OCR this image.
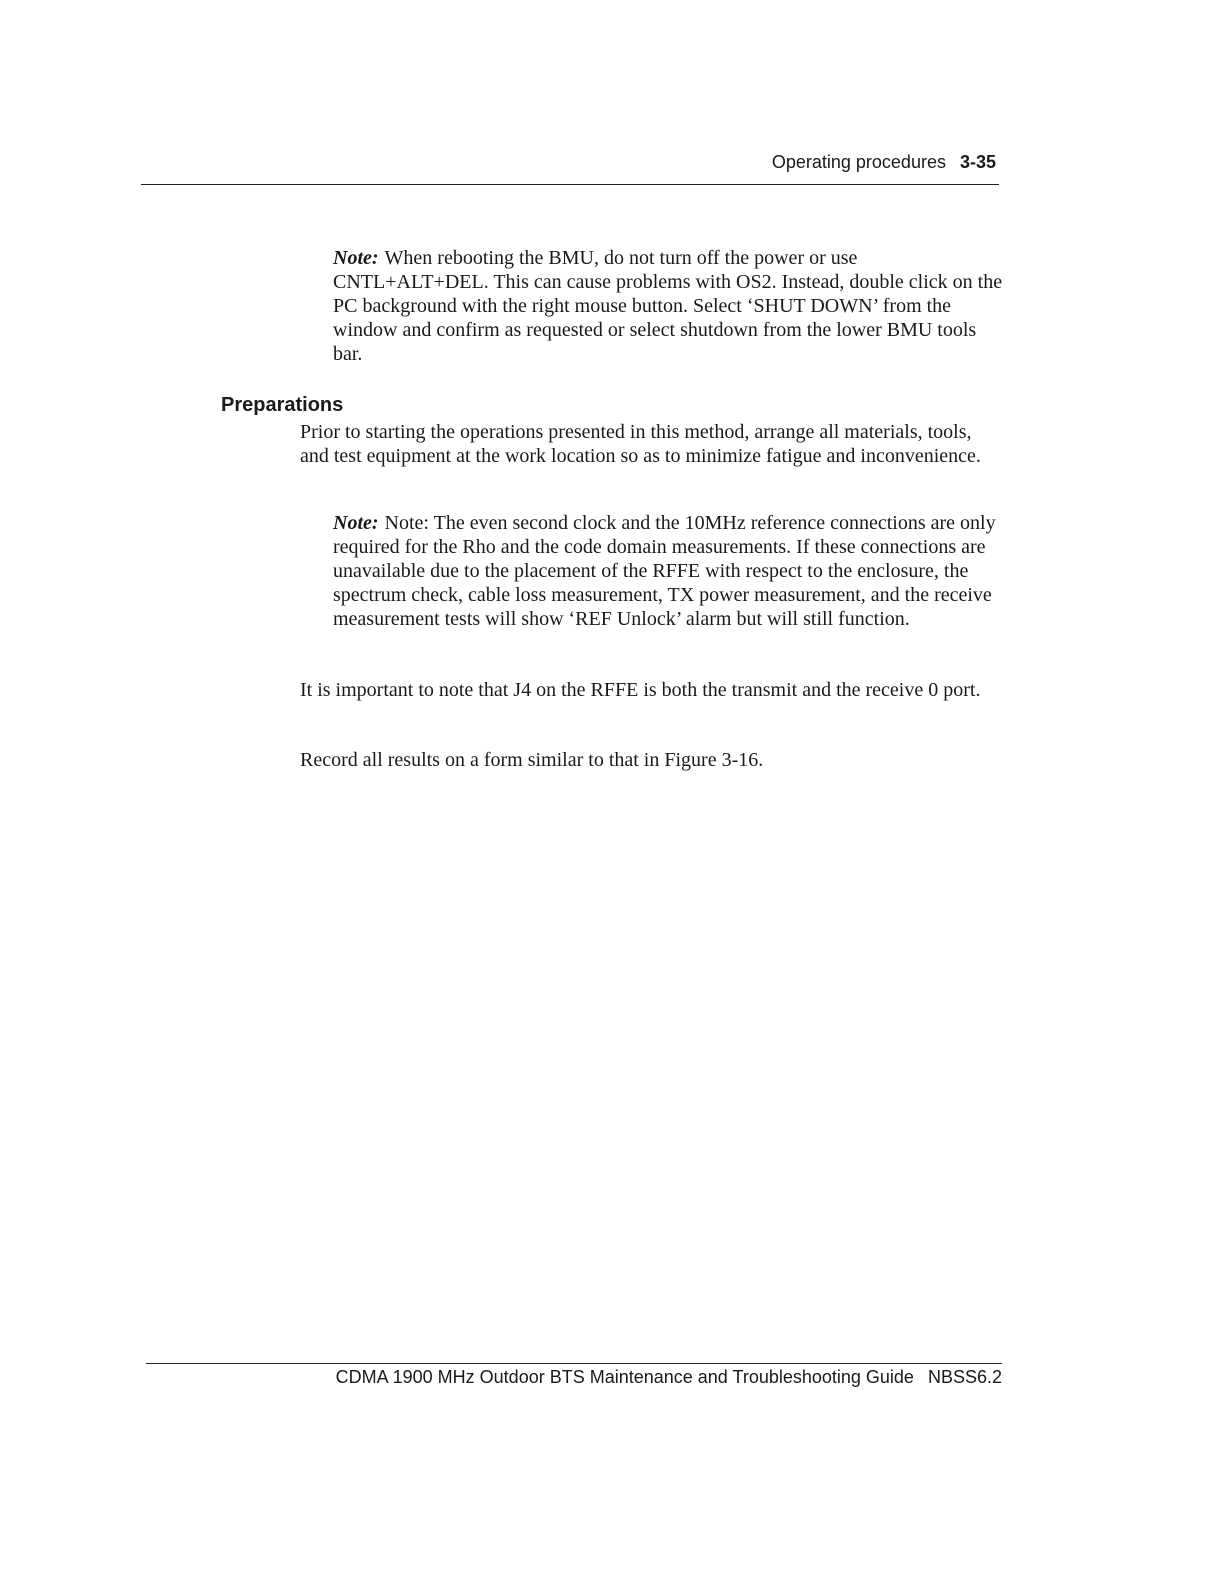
Operating procedures 3-35
Note: When rebooting the BMU, do not turn off the power or use CNTL+ALT+DEL. This can cause problems with OS2. Instead, double click on the PC background with the right mouse button. Select ‘SHUT DOWN’ from the window and confirm as requested or select shutdown from the lower BMU tools bar.
Preparations
Prior to starting the operations presented in this method, arrange all materials, tools, and test equipment at the work location so as to minimize fatigue and inconvenience.
Note: Note: The even second clock and the 10MHz reference connections are only required for the Rho and the code domain measurements. If these connections are unavailable due to the placement of the RFFE with respect to the enclosure, the spectrum check, cable loss measurement, TX power measurement, and the receive measurement tests will show ‘REF Unlock’ alarm but will still function.
It is important to note that J4 on the RFFE is both the transmit and the receive 0 port.
Record all results on a form similar to that in Figure 3-16.
CDMA 1900 MHz Outdoor BTS Maintenance and Troubleshooting Guide NBSS6.2
